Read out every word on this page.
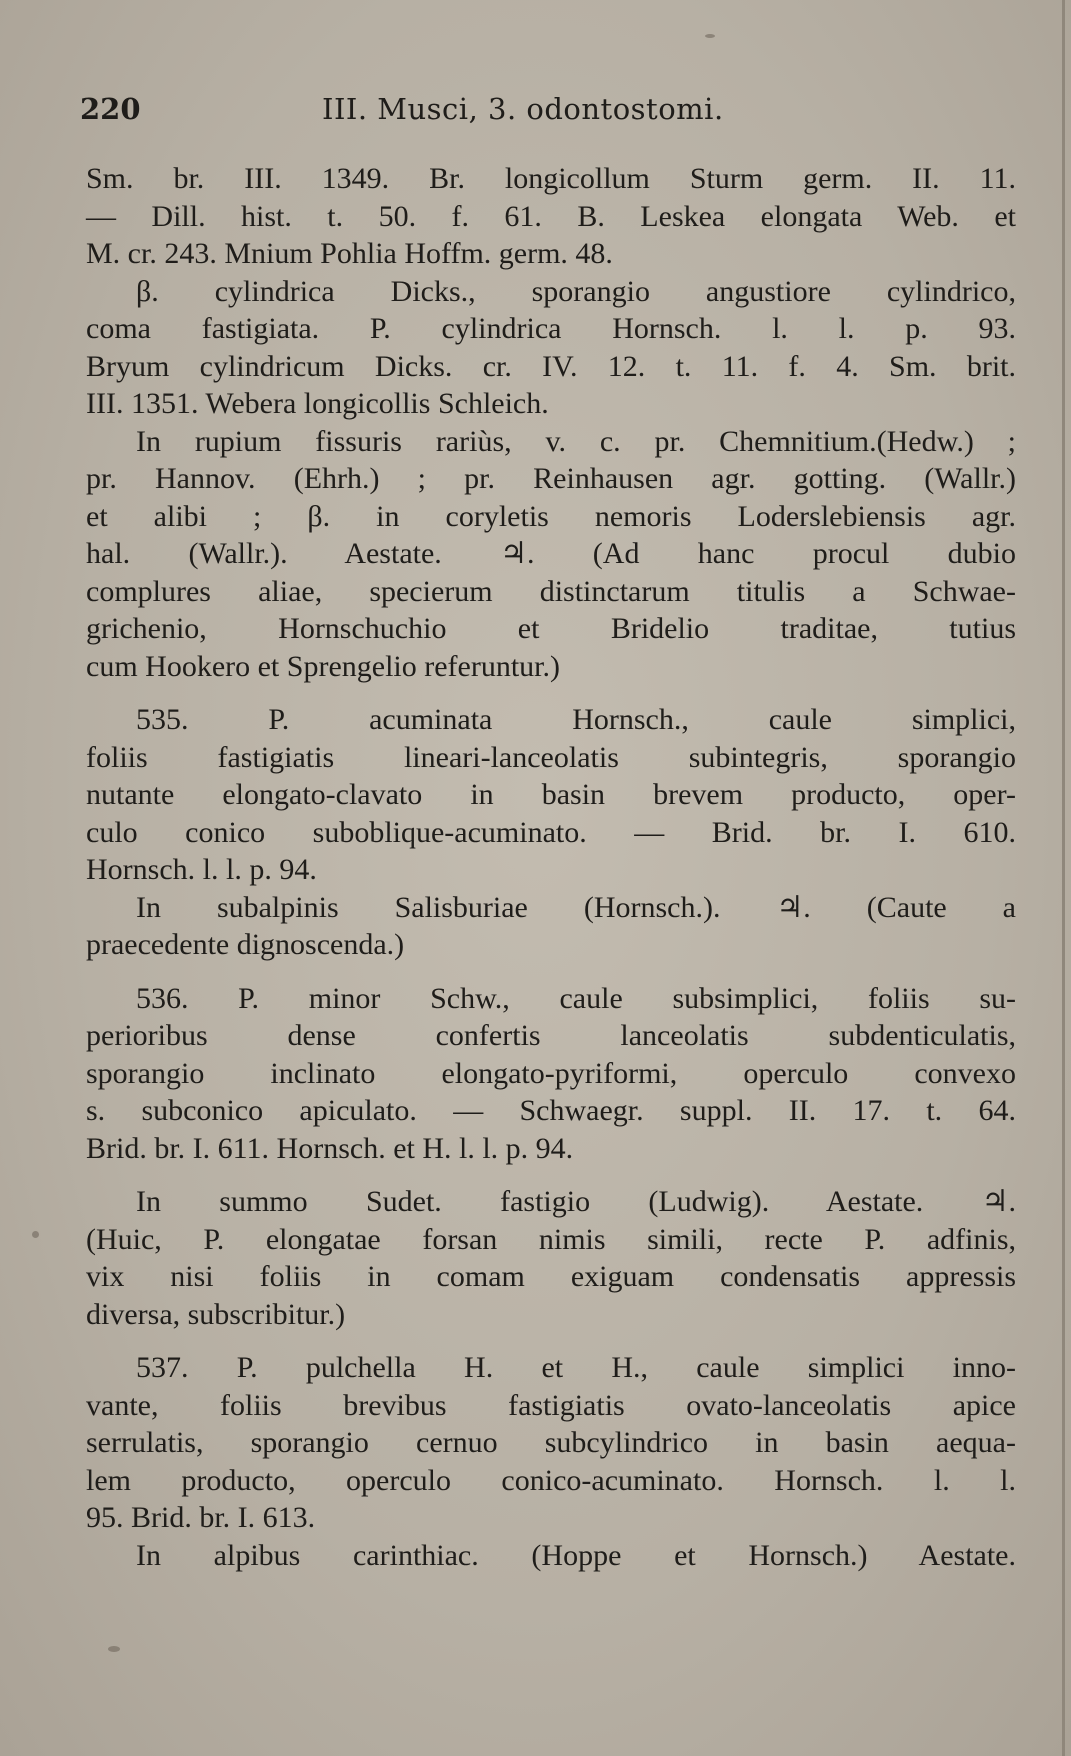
220	III. Musci, 3. odontostomi.
Sm. br. III. 1349. Br. longicollum Sturm germ. II. 11.
— Dill. hist. t. 50. f. 61. B. Leskea elongata Web. et
M. cr. 243. Mnium Pohlia Hoffm. germ. 48.
β. cylindrica Dicks., sporangio angustiore cylindrico,
coma fastigiata. P. cylindrica Hornsch. l. l. p. 93.
Bryum cylindricum Dicks. cr. IV. 12. t. 11. f. 4. Sm. brit.
III. 1351. Webera longicollis Schleich.
In rupium fissuris rariùs, v. c. pr. Chemnitium.(Hedw.) ;
pr. Hannov. (Ehrh.) ; pr. Reinhausen agr. gotting. (Wallr.)
et alibi ; β. in coryletis nemoris Loderslebiensis agr.
hal. (Wallr.). Aestate. ♃. (Ad hanc procul dubio
complures aliae, specierum distinctarum titulis a Schwae-
grichenio, Hornschuchio et Bridelio traditae, tutius
cum Hookero et Sprengelio referuntur.)
535. P. acuminata Hornsch., caule simplici,
foliis fastigiatis lineari-lanceolatis subintegris, sporangio
nutante elongato-clavato in basin brevem producto, oper-
culo conico suboblique-acuminato. — Brid. br. I. 610.
Hornsch. l. l. p. 94.
In subalpinis Salisburiae (Hornsch.). ♃. (Caute a
praecedente dignoscenda.)
536. P. minor Schw., caule subsimplici, foliis su-
perioribus dense confertis lanceolatis subdenticulatis,
sporangio inclinato elongato-pyriformi, operculo convexo
s. subconico apiculato. — Schwaegr. suppl. II. 17. t. 64.
Brid. br. I. 611. Hornsch. et H. l. l. p. 94.
In summo Sudet. fastigio (Ludwig). Aestate. ♃.
(Huic, P. elongatae forsan nimis simili, recte P. adfinis,
vix nisi foliis in comam exiguam condensatis appressis
diversa, subscribitur.)
537. P. pulchella H. et H., caule simplici inno-
vante, foliis brevibus fastigiatis ovato-lanceolatis apice
serrulatis, sporangio cernuo subcylindrico in basin aequa-
lem producto, operculo conico-acuminato. Hornsch. l. l.
95. Brid. br. I. 613.
In alpibus carinthiac. (Hoppe et Hornsch.) Aestate.
